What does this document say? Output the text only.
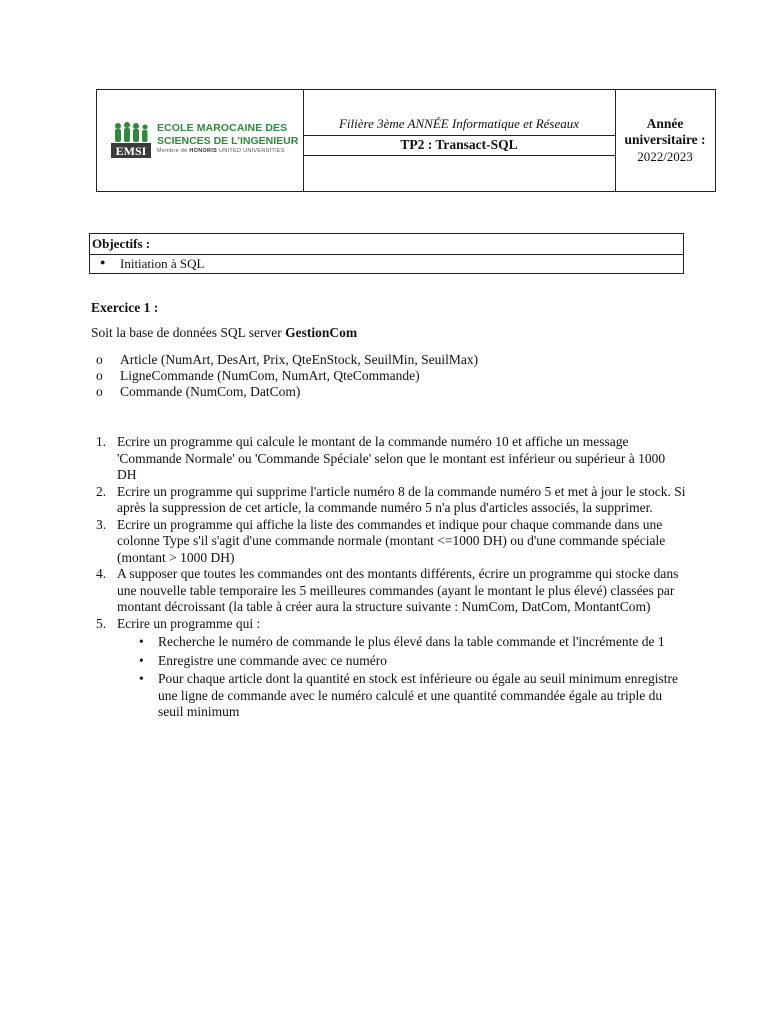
EMSI
ECOLE MAROCAINE DES
SCIENCES DE L'INGENIEUR
Membre de HONORIS UNITED UNIVERSITIES
Filière 3ème ANNÉE Informatique et Réseaux
TP2 : Transact-SQL
Année universitaire :
2022/2023
Objectifs :
● Initiation à SQL
Exercice 1 :
Soit la base de données SQL server GestionCom
o Article (NumArt, DesArt, Prix, QteEnStock, SeuilMin, SeuilMax)
o LigneCommande (NumCom, NumArt, QteCommande)
o Commande (NumCom, DatCom)
1. Ecrire un programme qui calcule le montant de la commande numéro 10 et affiche un message 'Commande Normale' ou 'Commande Spéciale' selon que le montant est inférieur ou supérieur à 1000 DH
2. Ecrire un programme qui supprime l'article numéro 8 de la commande numéro 5 et met à jour le stock. Si après la suppression de cet article, la commande numéro 5 n'a plus d'articles associés, la supprimer.
3. Ecrire un programme qui affiche la liste des commandes et indique pour chaque commande dans une colonne Type s'il s'agit d'une commande normale (montant <=1000 DH) ou d'une commande spéciale (montant > 1000 DH)
4. A supposer que toutes les commandes ont des montants différents, écrire un programme qui stocke dans une nouvelle table temporaire les 5 meilleures commandes (ayant le montant le plus élevé) classées par montant décroissant (la table à créer aura la structure suivante : NumCom, DatCom, MontantCom)
5. Ecrire un programme qui :
• Recherche le numéro de commande le plus élevé dans la table commande et l'incrémente de 1
• Enregistre une commande avec ce numéro
• Pour chaque article dont la quantité en stock est inférieure ou égale au seuil minimum enregistre une ligne de commande avec le numéro calculé et une quantité commandée égale au triple du seuil minimum
